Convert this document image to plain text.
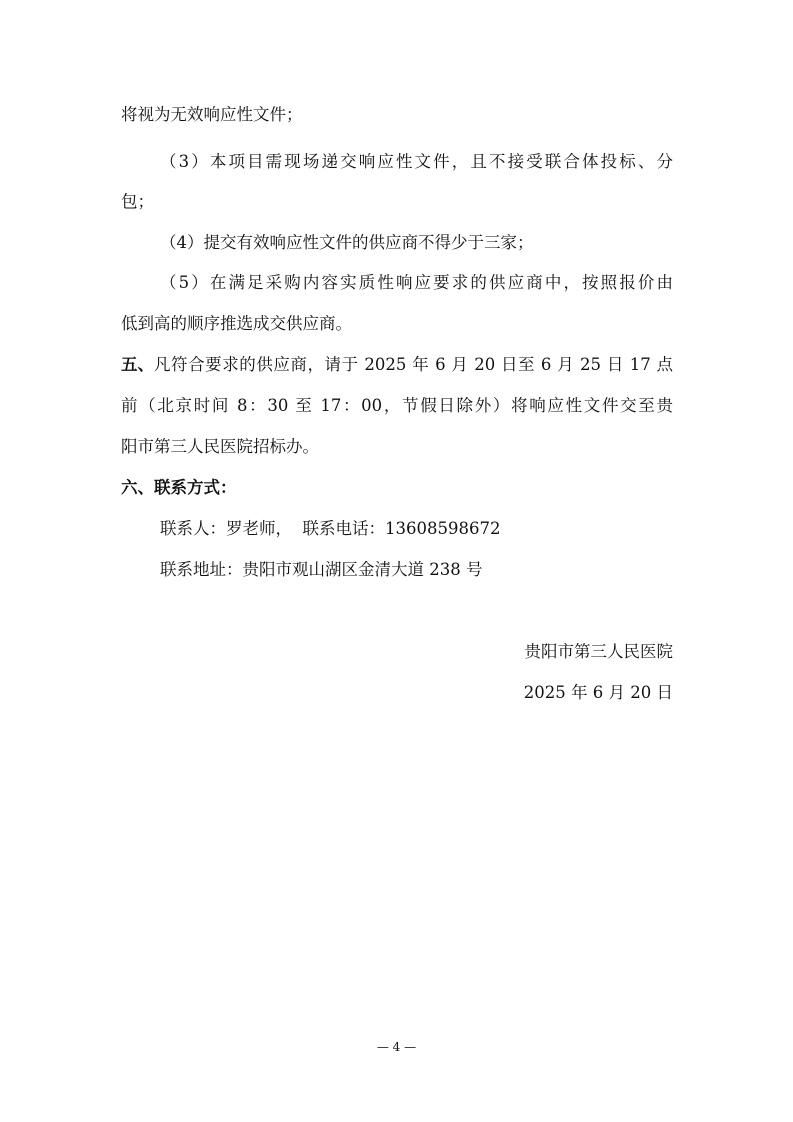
将视为无效响应性文件；
（3）本项目需现场递交响应性文件，且不接受联合体投标、分
包；
（4）提交有效响应性文件的供应商不得少于三家；
（5）在满足采购内容实质性响应要求的供应商中，按照报价由
低到高的顺序推选成交供应商。
五、 凡符合要求的供应商，请于 2025 年 6 月 20 日至 6 月 25 日 17 点
前（北京时间 8：30 至 17：00，节假日除外）将响应性文件交至贵
阳市第三人民医院招标办。
六、联系方式：
联系人：罗老师，  联系电话：13608598672
联系地址：贵阳市观山湖区金清大道 238 号
贵阳市第三人民医院
2025 年 6 月 20 日
— 4 —
